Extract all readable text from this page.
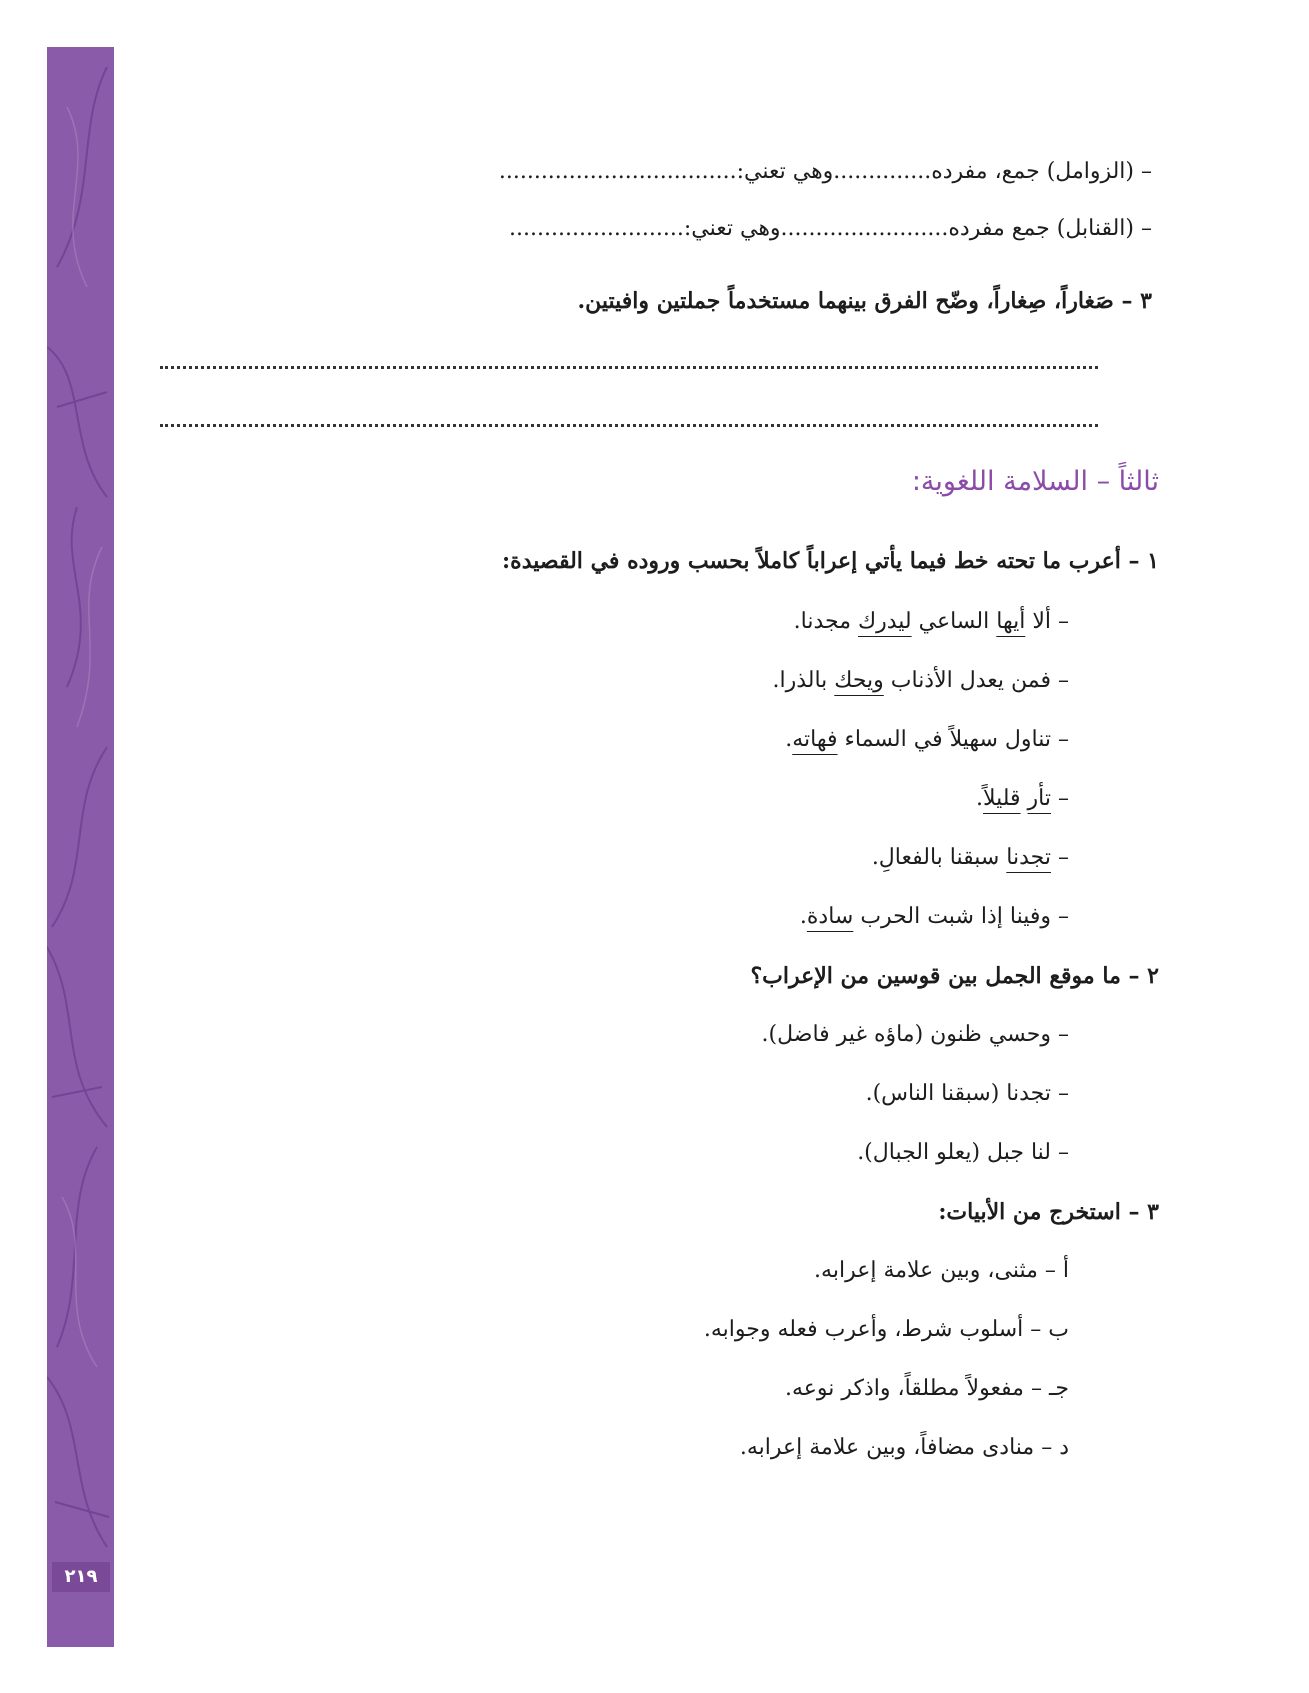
٢١٩
– (الزوامل) جمع، مفرده..............وهي تعني:..................................
– (القنابل) جمع مفرده........................وهي تعني:.........................
٣ – صَغاراً، صِغاراً، وضّح الفرق بينهما مستخدماً جملتين وافيتين.
ثالثاً – السلامة اللغوية:
١ – أعرب ما تحته خط فيما يأتي إعراباً كاملاً بحسب وروده في القصيدة:
– ألا أيها الساعي ليدرك مجدنا.
– فمن يعدل الأذناب ويحك بالذرا.
– تناول سهيلاً في السماء فهاته.
– تأر قليلاً.
– تجدنا سبقنا بالفعالِ.
– وفينا إذا شبت الحرب سادة.
٢ – ما موقع الجمل بين قوسين من الإعراب؟
– وحسي ظنون (ماؤه غير فاضل).
– تجدنا (سبقنا الناس).
– لنا جبل (يعلو الجبال).
٣ – استخرج من الأبيات:
أ – مثنى، وبين علامة إعرابه.
ب – أسلوب شرط، وأعرب فعله وجوابه.
جـ – مفعولاً مطلقاً، واذكر نوعه.
د – منادى مضافاً، وبين علامة إعرابه.
